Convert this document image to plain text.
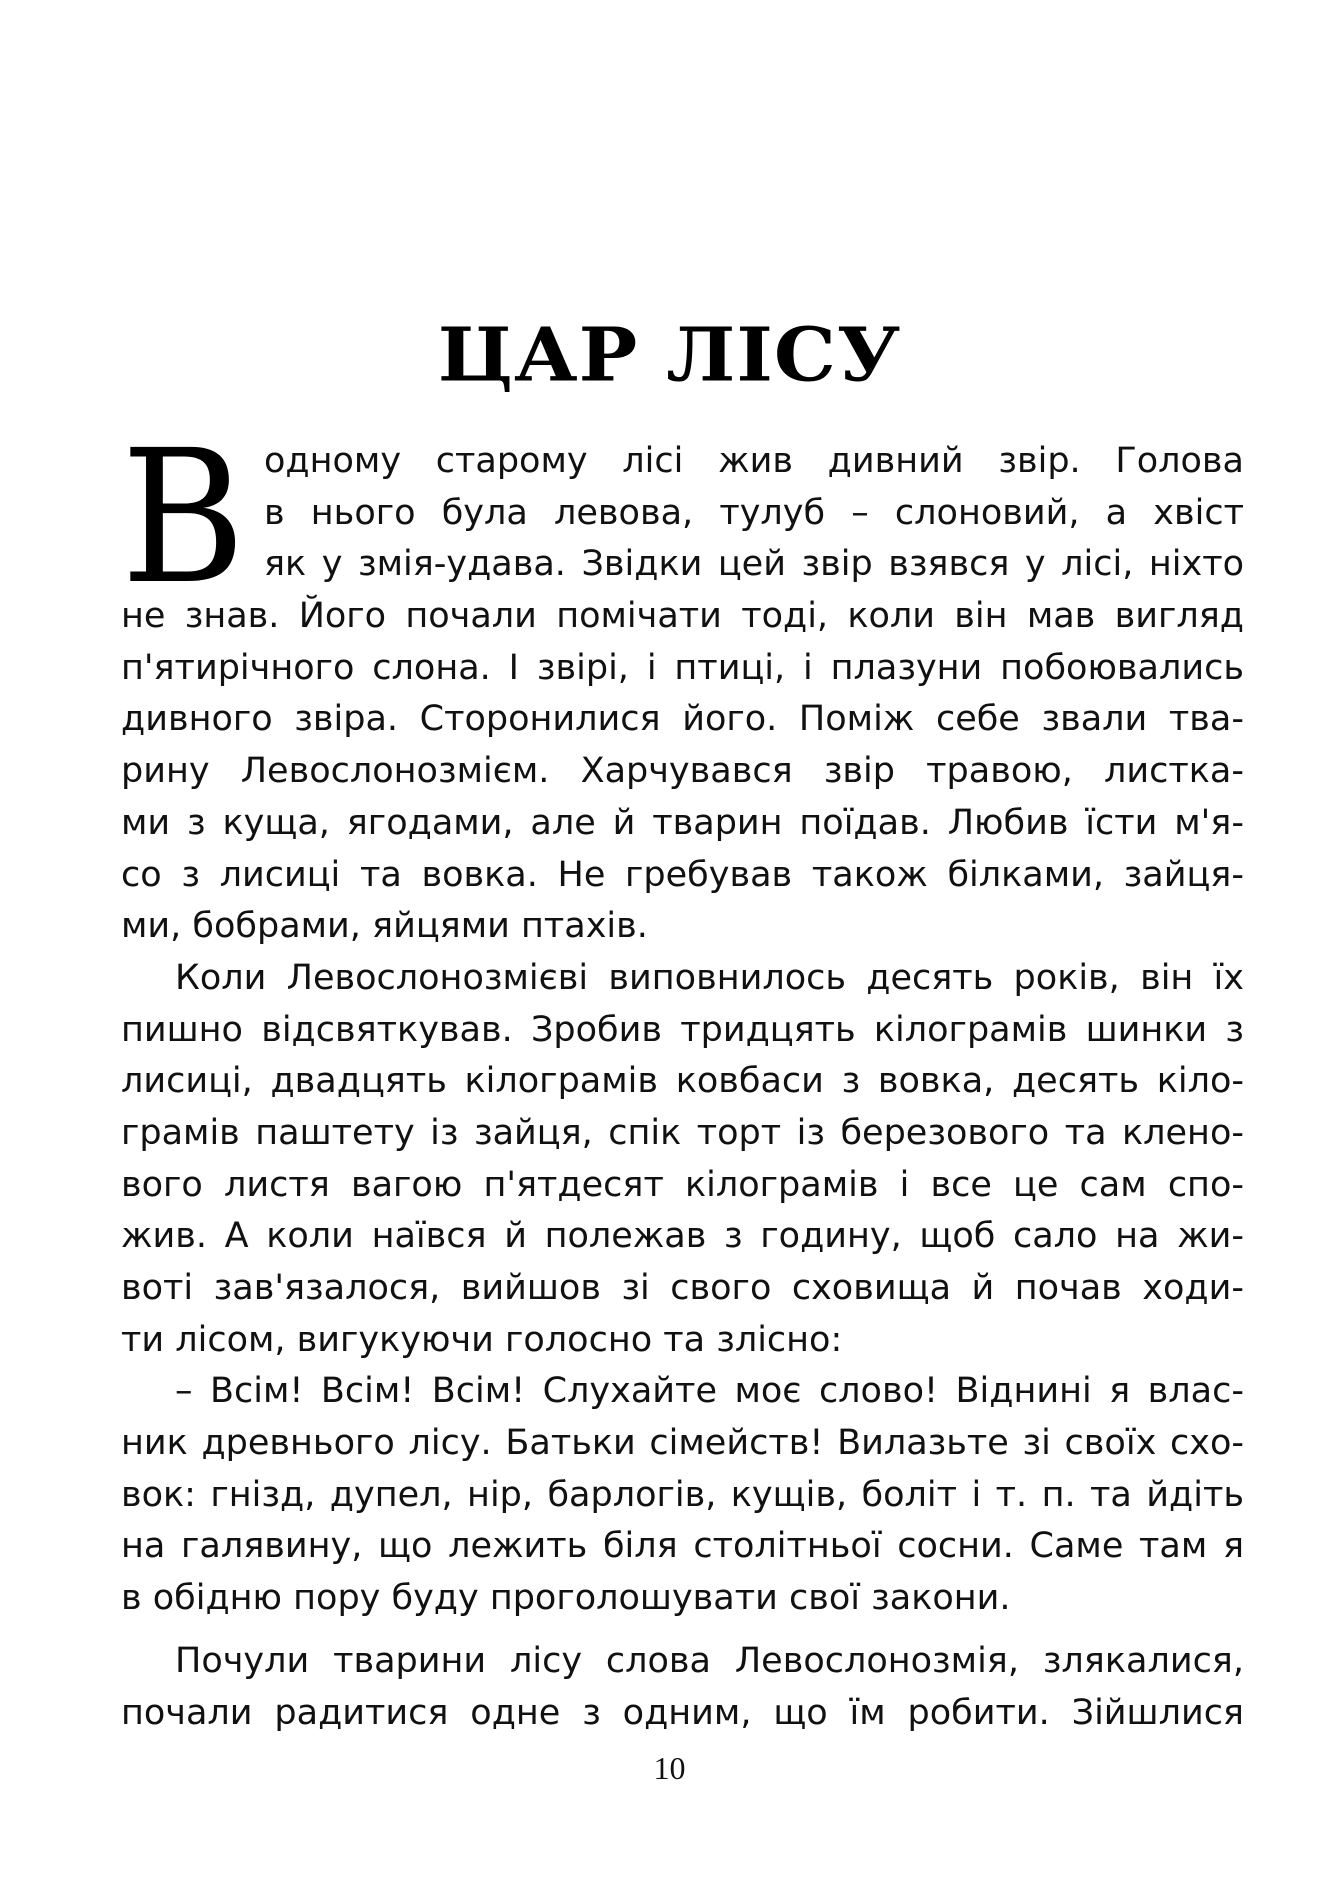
ЦАР ЛІСУ
В одному старому лісі жив дивний звір. Голова
в нього була левова, тулуб – слоновий, а хвіст
як у змія-удава. Звідки цей звір взявся у лісі, ніхто
не знав. Його почали помічати тоді, коли він мав вигляд
п'ятирічного слона. І звірі, і птиці, і плазуни побоювались
дивного звіра. Сторонилися його. Поміж себе звали тва-
рину Левослонозмієм. Харчувався звір травою, листка-
ми з куща, ягодами, але й тварин поїдав. Любив їсти м'я-
со з лисиці та вовка. Не гребував також білками, зайця-
ми, бобрами, яйцями птахів.
Коли Левослонозмієві виповнилось десять років, він їх
пишно відсвяткував. Зробив тридцять кілограмів шинки з
лисиці, двадцять кілограмів ковбаси з вовка, десять кіло-
грамів паштету із зайця, спік торт із березового та клено-
вого листя вагою п'ятдесят кілограмів і все це сам спо-
жив. А коли наївся й полежав з годину, щоб сало на жи-
воті зав'язалося, вийшов зі свого сховища й почав ходи-
ти лісом, вигукуючи голосно та злісно:
– Всім! Всім! Всім! Слухайте моє слово! Віднині я влас-
ник древнього лісу. Батьки сімейств! Вилазьте зі своїх схо-
вок: гнізд, дупел, нір, барлогів, кущів, боліт і т. п. та йдіть
на галявину, що лежить біля столітньої сосни. Саме там я
в обідню пору буду проголошувати свої закони.
Почули тварини лісу слова Левослонозмія, злякалися,
почали радитися одне з одним, що їм робити. Зійшлися
10
